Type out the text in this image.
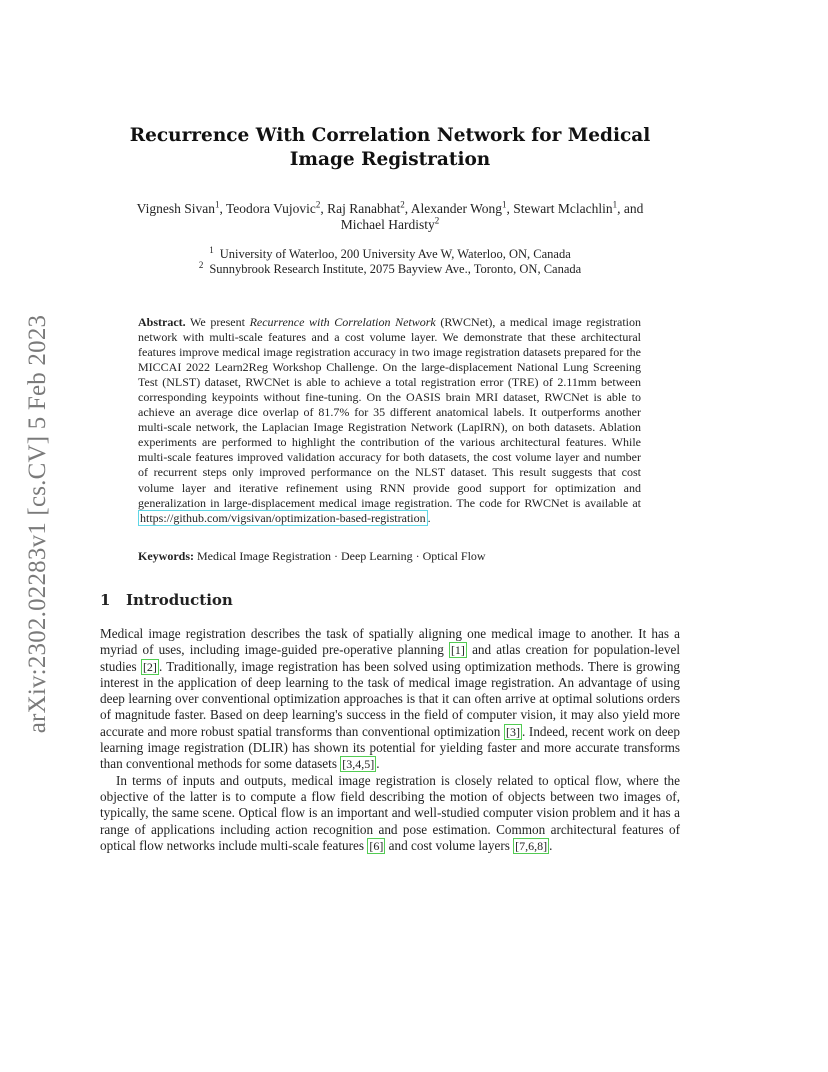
arXiv:2302.02283v1 [cs.CV] 5 Feb 2023
Recurrence With Correlation Network for Medical Image Registration
Vignesh Sivan$^1$, Teodora Vujovic$^2$, Raj Ranabhat$^2$, Alexander Wong$^1$, Stewart Mclachlin$^1$, and
Michael Hardisty$^2$
$^1$ University of Waterloo, 200 University Ave W, Waterloo, ON, Canada
$^2$ Sunnybrook Research Institute, 2075 Bayview Ave., Toronto, ON, Canada
Abstract. We present Recurrence with Correlation Network (RWCNet), a medical image registration network with multi-scale features and a cost volume layer. We demonstrate that these architectural features improve medical image registration accuracy in two image registration datasets prepared for the MICCAI 2022 Learn2Reg Workshop Challenge. On the large-displacement National Lung Screening Test (NLST) dataset, RWCNet is able to achieve a total registration error (TRE) of 2.11mm between corresponding keypoints without fine-tuning. On the OASIS brain MRI dataset, RWCNet is able to achieve an average dice overlap of 81.7% for 35 different anatomical labels. It outperforms another multi-scale network, the Laplacian Image Registration Network (LapIRN), on both datasets. Ablation experiments are performed to highlight the contribution of the various architectural features. While multi-scale features improved validation accuracy for both datasets, the cost volume layer and number of recurrent steps only improved performance on the NLST dataset. This result suggests that cost volume layer and iterative refinement using RNN provide good support for optimization and generalization in large-displacement medical image registration. The code for RWCNet is available at https://github.com/vigsivan/optimization-based-registration .
Keywords: Medical Image Registration · Deep Learning · Optical Flow
1 Introduction

Medical image registration describes the task of spatially aligning one medical image to another. It has a myriad of uses, including image-guided pre-operative planning [1] and atlas creation for population-level studies [2] . Traditionally, image registration has been solved using optimization methods. There is growing interest in the application of deep learning to the task of medical image registration. An advantage of using deep learning over conventional optimization approaches is that it can often arrive at optimal solutions orders of magnitude faster. Based on deep learning's success in the field of computer vision, it may also yield more accurate and more robust spatial transforms than conventional optimization [3] . Indeed, recent work on deep learning image registration (DLIR) has shown its potential for yielding faster and more accurate transforms than conventional methods for some datasets [3,4,5] .

In terms of inputs and outputs, medical image registration is closely related to optical flow, where the objective of the latter is to compute a flow field describing the motion of objects between two images of, typically, the same scene. Optical flow is an important and well-studied computer vision problem and it has a range of applications including action recognition and pose estimation. Common architectural features of optical flow networks include multi-scale features [6] and cost volume layers [7,6,8] .
